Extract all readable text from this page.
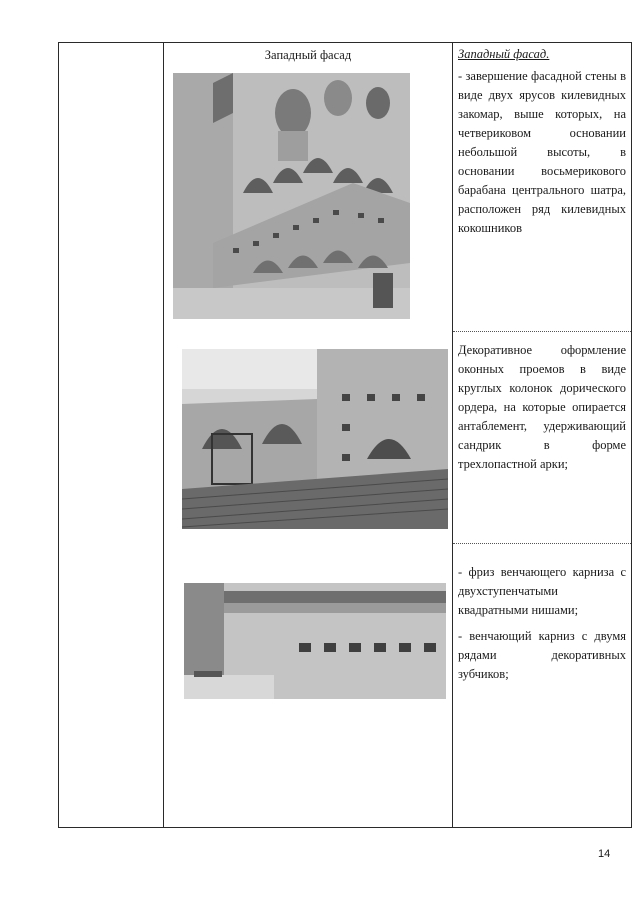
Западный фасад	Западный фасад.
- завершение фасадной стены в виде двух ярусов килевидных закомар, выше которых, на четвериковом основании небольшой высоты, в основании восьмерикового барабана центрального шатра, расположен ряд килевидных кокошников
Декоративное оформление оконных проемов в виде круглых колонок дорического ордера, на которые опирается антаблемент, удерживающий сандрик в форме трехлопастной арки;
- фриз венчающего карниза с двухступенчатыми квадратными нишами;
- венчающий карниз с двумя рядами декоративных зубчиков;
14
